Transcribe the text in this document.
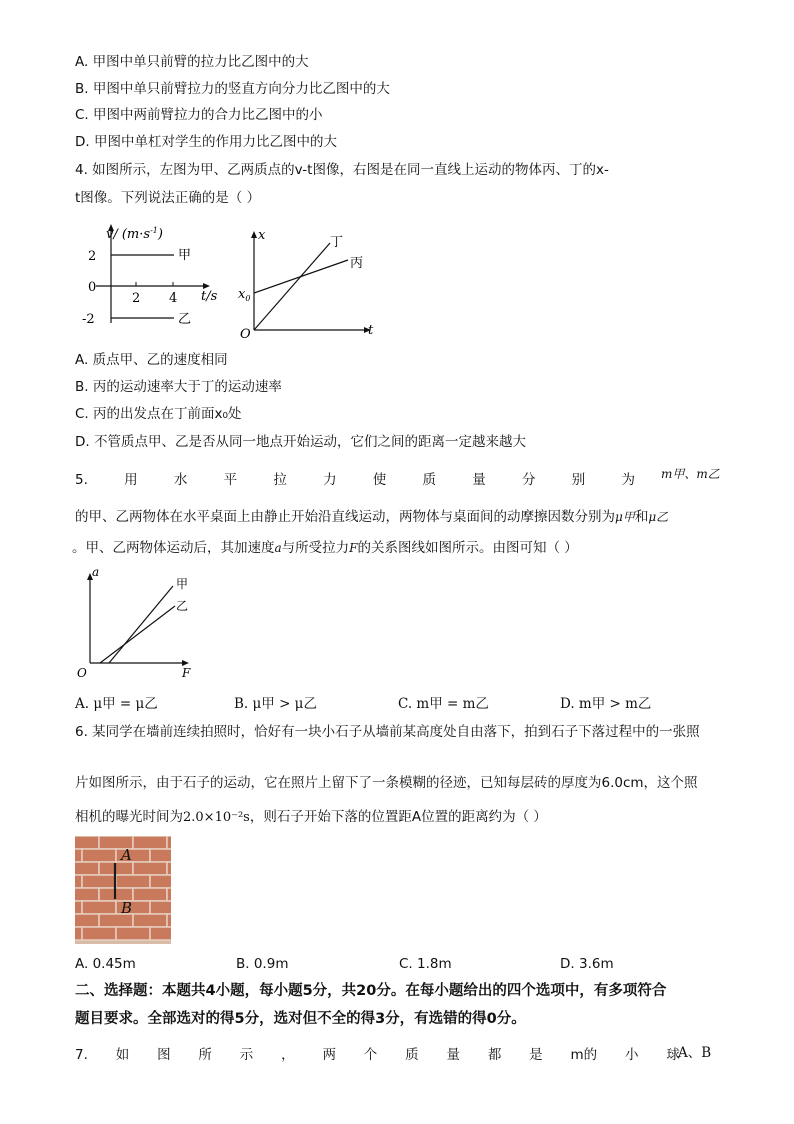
A. 甲图中单只前臂的拉力比乙图中的大
B. 甲图中单只前臂拉力的竖直方向分力比乙图中的大
C. 甲图中两前臂拉力的合力比乙图中的小
D. 甲图中单杠对学生的作用力比乙图中的大
4. 如图所示，左图为甲、乙两质点的v-t图像，右图是在同一直线上运动的物体丙、丁的x-
t图像。下列说法正确的是（ ）
v/ $(m\cdot s^{-1})$
2
0
-2
2 4 t/s
甲
乙
x
t
O
$x_0$
丁
丙
A. 质点甲、乙的速度相同
B. 丙的运动速率大于丁的运动速率
C. 丙的出发点在丁前面x₀处
D. 不管质点甲、乙是否从同一地点开始运动，它们之间的距离一定越来越大
5.	用	水	平	拉	力	使	质	量	分	别	为 m甲、m乙
的甲、乙两物体在水平桌面上由静止开始沿直线运动，两物体与桌面间的动摩擦因数分别为μ甲和μ乙
。甲、乙两物体运动后，其加速度a与所受拉力F的关系图线如图所示。由图可知（ ）
a
F
O
甲
乙
A. μ甲 = μ乙	B. μ甲 > μ乙	C. m甲 = m乙	D. m甲 > m乙
6. 某同学在墙前连续拍照时，恰好有一块小石子从墙前某高度处自由落下，拍到石子下落过程中的一张照
片如图所示，由于石子的运动，它在照片上留下了一条模糊的径迹，已知每层砖的厚度为6.0cm，这个照
相机的曝光时间为2.0×10⁻²s，则石子开始下落的位置距A位置的距离约为（ ）
A
B
A. 0.45m	B. 0.9m	C. 1.8m	D. 3.6m
二、选择题：本题共4小题，每小题5分，共20分。在每小题给出的四个选项中，有多项符合
题目要求。全部选对的得5分，选对但不全的得3分，有选错的得0分。
7. 如 图 所 示 ， 两 个 质 量 都 是 m的 小 球
A、B
